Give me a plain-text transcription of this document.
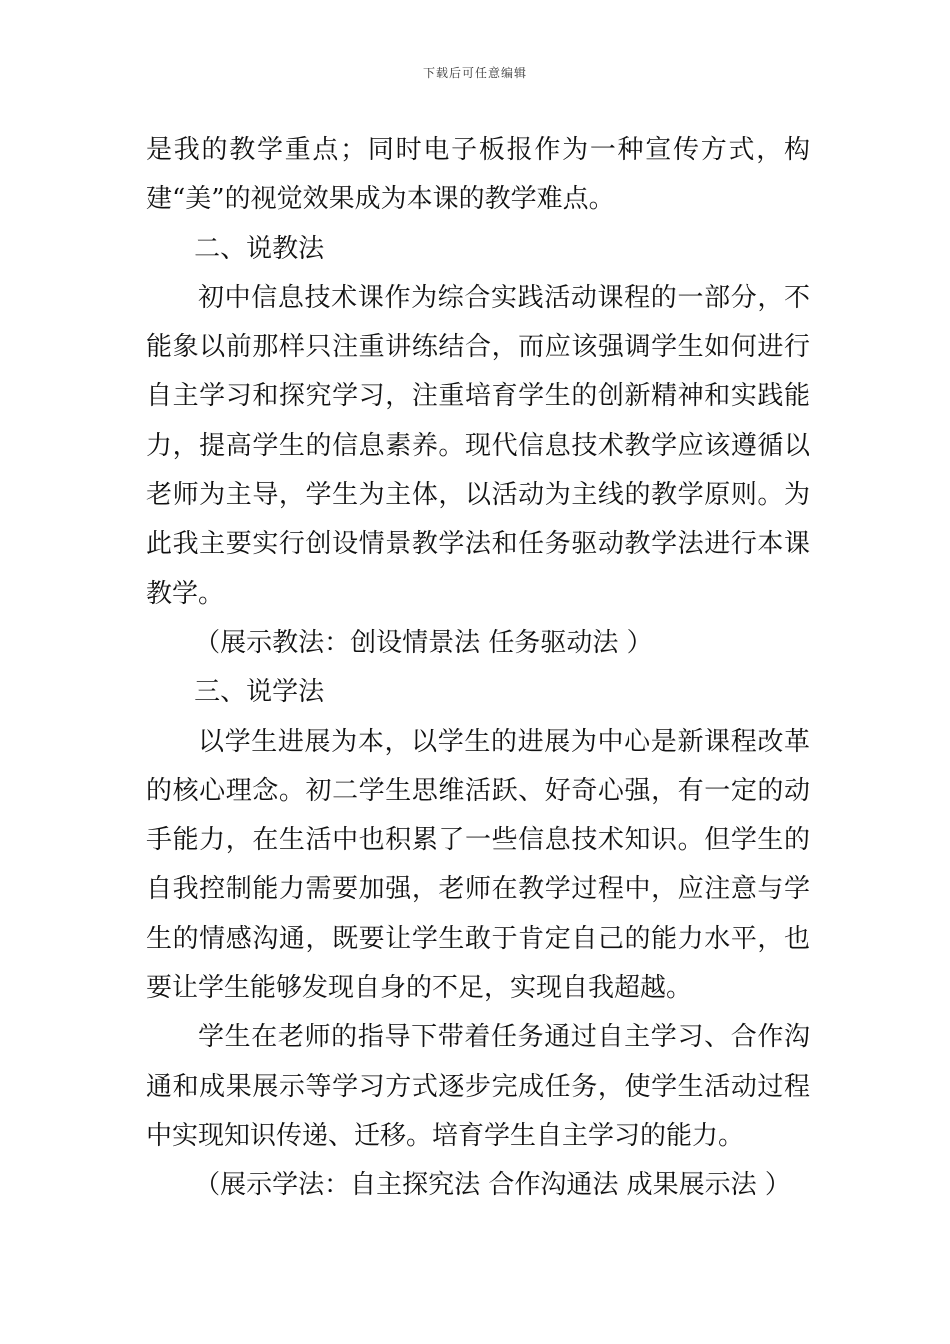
下载后可任意编辑

是我的教学重点；同时电子板报作为一种宣传方式，构建“美”的视觉效果成为本课的教学难点。

二、说教法

初中信息技术课作为综合实践活动课程的一部分，不能象以前那样只注重讲练结合，而应该强调学生如何进行自主学习和探究学习，注重培育学生的创新精神和实践能力，提高学生的信息素养。现代信息技术教学应该遵循以老师为主导，学生为主体，以活动为主线的教学原则。为此我主要实行创设情景教学法和任务驱动教学法进行本课教学。

（展示教法：创设情景法 任务驱动法 ）

三、说学法

以学生进展为本，以学生的进展为中心是新课程改革的核心理念。初二学生思维活跃、好奇心强，有一定的动手能力，在生活中也积累了一些信息技术知识。但学生的自我控制能力需要加强，老师在教学过程中，应注意与学生的情感沟通，既要让学生敢于肯定自己的能力水平，也要让学生能够发现自身的不足，实现自我超越。

学生在老师的指导下带着任务通过自主学习、合作沟通和成果展示等学习方式逐步完成任务，使学生活动过程中实现知识传递、迁移。培育学生自主学习的能力。

（展示学法：自主探究法 合作沟通法 成果展示法 ）
